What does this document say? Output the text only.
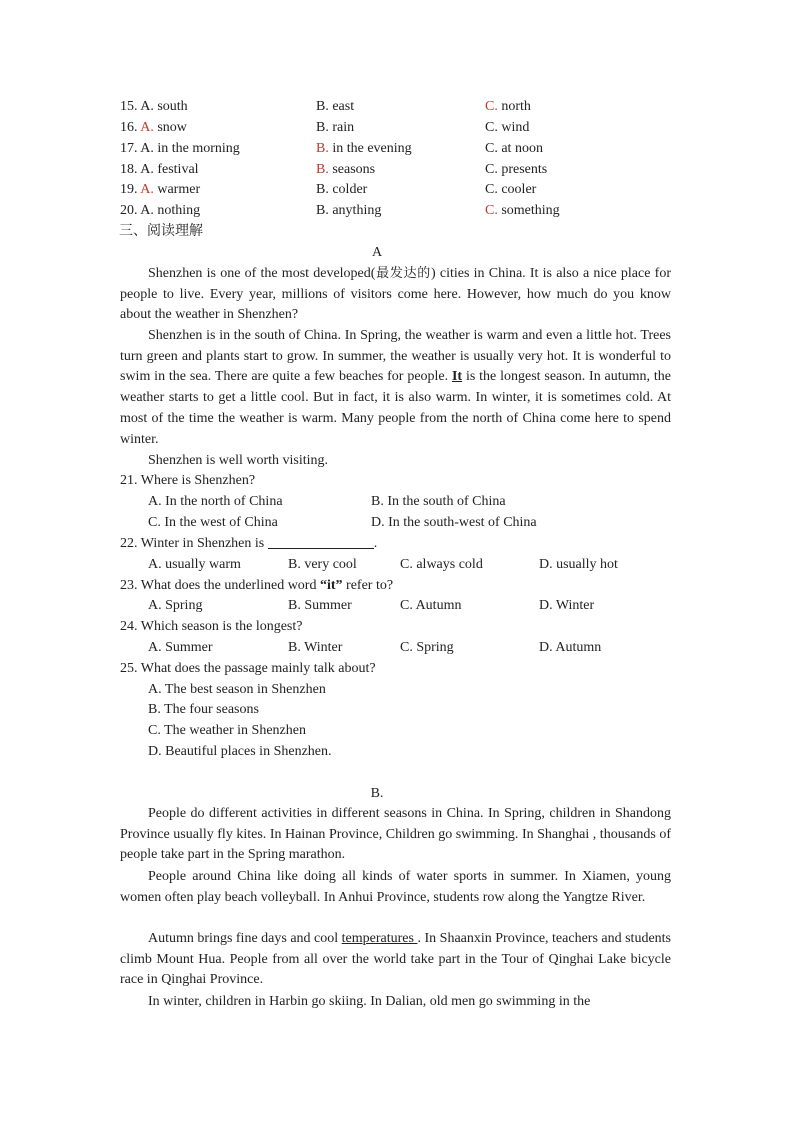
15. A. south	B. east	C. north
16. A. snow	B. rain	C. wind
17. A. in the morning	B. in the evening	C. at noon
18. A. festival	B. seasons	C. presents
19. A. warmer	B. colder	C. cooler
20. A. nothing	B. anything	C. something
三、阅读理解
A
Shenzhen is one of the most developed(最发达的) cities in China. It is also a nice place for people to live. Every year, millions of visitors come here. However, how much do you know about the weather in Shenzhen?
Shenzhen is in the south of China. In Spring, the weather is warm and even a little hot. Trees turn green and plants start to grow. In summer, the weather is usually very hot. It is wonderful to swim in the sea. There are quite a few beaches for people. It is the longest season. In autumn, the weather starts to get a little cool. But in fact, it is also warm. In winter, it is sometimes cold. At most of the time the weather is warm. Many people from the north of China come here to spend winter.
Shenzhen is well worth visiting.
21. Where is Shenzhen?
A. In the north of China	B. In the south of China
C. In the west of China	D. In the south-west of China
22. Winter in Shenzhen is	.
A. usually warm	B. very cool	C. always cold	D. usually hot
23. What does the underlined word “it” refer to?
A. Spring	B. Summer	C. Autumn	D. Winter
24. Which season is the longest?
A. Summer	B. Winter	C. Spring	D. Autumn
25. What does the passage mainly talk about?
A. The best season in Shenzhen
B. The four seasons
C. The weather in Shenzhen
D. Beautiful places in Shenzhen.
B.
People do different activities in different seasons in China. In Spring, children in Shandong Province usually fly kites. In Hainan Province, Children go swimming. In Shanghai , thousands of people take part in the Spring marathon.
People around China like doing all kinds of water sports in summer. In Xiamen, young women often play beach volleyball. In Anhui Province, students row along the Yangtze River.
Autumn brings fine days and cool temperatures . In Shaanxin Province, teachers and students climb Mount Hua. People from all over the world take part in the Tour of Qinghai Lake bicycle race in Qinghai Province.
In winter, children in Harbin go skiing. In Dalian, old men go swimming in the
